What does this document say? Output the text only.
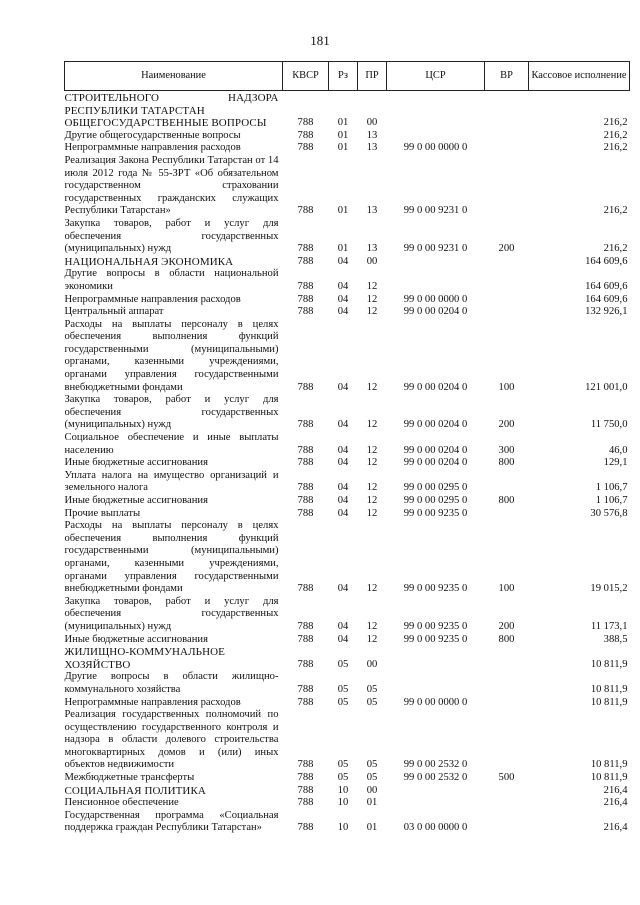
181
Наименование	КВСР	Рз	ПР	ЦСР	ВР	Кассовое исполнение
СТРОИТЕЛЬНОГО НАДЗОРА РЕСПУБЛИКИ ТАТАРСТАН						
ОБЩЕГОСУДАРСТВЕННЫЕ ВОПРОСЫ	788	01	00			216,2
Другие общегосударственные вопросы	788	01	13			216,2
Непрограммные направления расходов	788	01	13	99 0 00 0000 0		216,2
Реализация Закона Республики Татарстан от 14 июля 2012 года № 55-ЗРТ «Об обязательном государственном страховании государственных гражданских служащих Республики Татарстан»	788	01	13	99 0 00 9231 0		216,2
Закупка товаров, работ и услуг для обеспечения государственных (муниципальных) нужд	788	01	13	99 0 00 9231 0	200	216,2
НАЦИОНАЛЬНАЯ ЭКОНОМИКА	788	04	00			164 609,6
Другие вопросы в области национальной экономики	788	04	12			164 609,6
Непрограммные направления расходов	788	04	12	99 0 00 0000 0		164 609,6
Центральный аппарат	788	04	12	99 0 00 0204 0		132 926,1
Расходы на выплаты персоналу в целях обеспечения выполнения функций государственными (муниципальными) органами, казенными учреждениями, органами управления государственными внебюджетными фондами	788	04	12	99 0 00 0204 0	100	121 001,0
Закупка товаров, работ и услуг для обеспечения государственных (муниципальных) нужд	788	04	12	99 0 00 0204 0	200	11 750,0
Социальное обеспечение и иные выплаты населению	788	04	12	99 0 00 0204 0	300	46,0
Иные бюджетные ассигнования	788	04	12	99 0 00 0204 0	800	129,1
Уплата налога на имущество организаций и земельного налога	788	04	12	99 0 00 0295 0		1 106,7
Иные бюджетные ассигнования	788	04	12	99 0 00 0295 0	800	1 106,7
Прочие выплаты	788	04	12	99 0 00 9235 0		30 576,8
Расходы на выплаты персоналу в целях обеспечения выполнения функций государственными (муниципальными) органами, казенными учреждениями, органами управления государственными внебюджетными фондами	788	04	12	99 0 00 9235 0	100	19 015,2
Закупка товаров, работ и услуг для обеспечения государственных (муниципальных) нужд	788	04	12	99 0 00 9235 0	200	11 173,1
Иные бюджетные ассигнования	788	04	12	99 0 00 9235 0	800	388,5
ЖИЛИЩНО-КОММУНАЛЬНОЕ ХОЗЯЙСТВО	788	05	00			10 811,9
Другие вопросы в области жилищно-коммунального хозяйства	788	05	05			10 811,9
Непрограммные направления расходов	788	05	05	99 0 00 0000 0		10 811,9
Реализация государственных полномочий по осуществлению государственного контроля и надзора в области долевого строительства многоквартирных домов и (или) иных объектов недвижимости	788	05	05	99 0 00 2532 0		10 811,9
Межбюджетные трансферты	788	05	05	99 0 00 2532 0	500	10 811,9
СОЦИАЛЬНАЯ ПОЛИТИКА	788	10	00			216,4
Пенсионное обеспечение	788	10	01			216,4
Государственная программа «Социальная поддержка граждан Республики Татарстан»	788	10	01	03 0 00 0000 0		216,4
